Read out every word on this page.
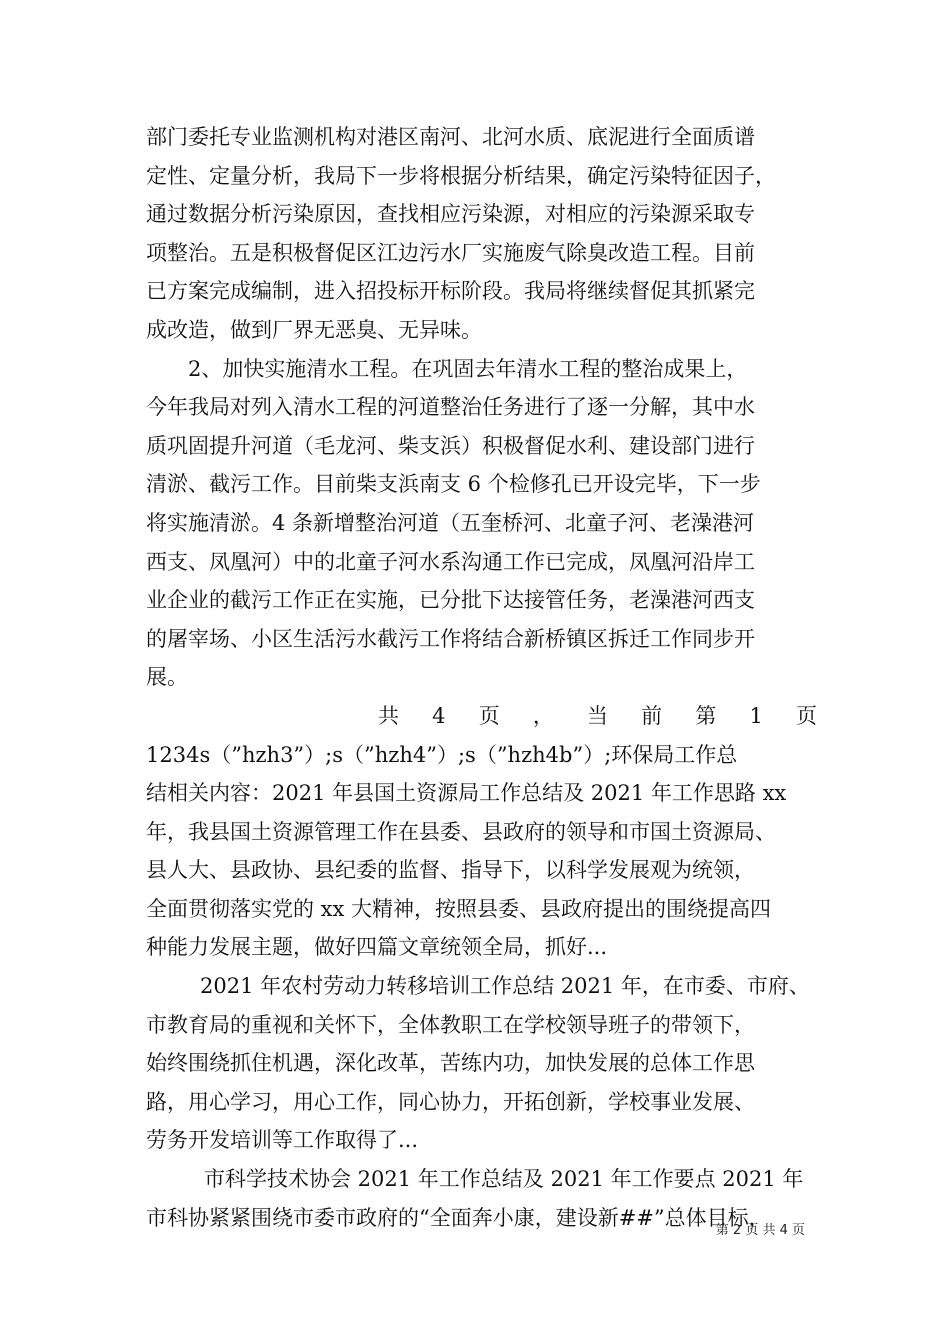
部门委托专业监测机构对港区南河、北河水质、底泥进行全面质谱
定性、定量分析，我局下一步将根据分析结果，确定污染特征因子，
通过数据分析污染原因，查找相应污染源，对相应的污染源采取专
项整治。五是积极督促区江边污水厂实施废气除臭改造工程。目前
已方案完成编制，进入招投标开标阶段。我局将继续督促其抓紧完
成改造，做到厂界无恶臭、无异味。
2、加快实施清水工程。在巩固去年清水工程的整治成果上，
今年我局对列入清水工程的河道整治任务进行了逐一分解，其中水
质巩固提升河道（毛龙河、柴支浜）积极督促水利、建设部门进行
清淤、截污工作。目前柴支浜南支 6 个检修孔已开设完毕，下一步
将实施清淤。4 条新增整治河道（五奎桥河、北童子河、老澡港河
西支、凤凰河）中的北童子河水系沟通工作已完成，凤凰河沿岸工
业企业的截污工作正在实施，已分批下达接管任务，老澡港河西支
的屠宰场、小区生活污水截污工作将结合新桥镇区拆迁工作同步开
展。
共 4 页 ， 当 前 第 1 页
1234s（”hzh3”）;s（”hzh4”）;s（”hzh4b”）;环保局工作总
结相关内容：2021 年县国土资源局工作总结及 2021 年工作思路 xx
年，我县国土资源管理工作在县委、县政府的领导和市国土资源局、
县人大、县政协、县纪委的监督、指导下，以科学发展观为统领，
全面贯彻落实党的 xx 大精神，按照县委、县政府提出的围绕提高四
种能力发展主题，做好四篇文章统领全局，抓好...
2021 年农村劳动力转移培训工作总结 2021 年，在市委、市府、
市教育局的重视和关怀下，全体教职工在学校领导班子的带领下，
始终围绕抓住机遇，深化改革，苦练内功，加快发展的总体工作思
路，用心学习，用心工作，同心协力，开拓创新，学校事业发展、
劳务开发培训等工作取得了...
市科学技术协会 2021 年工作总结及 2021 年工作要点 2021 年
市科协紧紧围绕市委市政府的“全面奔小康，建设新##”总体目标，
第 2 页 共 4 页
